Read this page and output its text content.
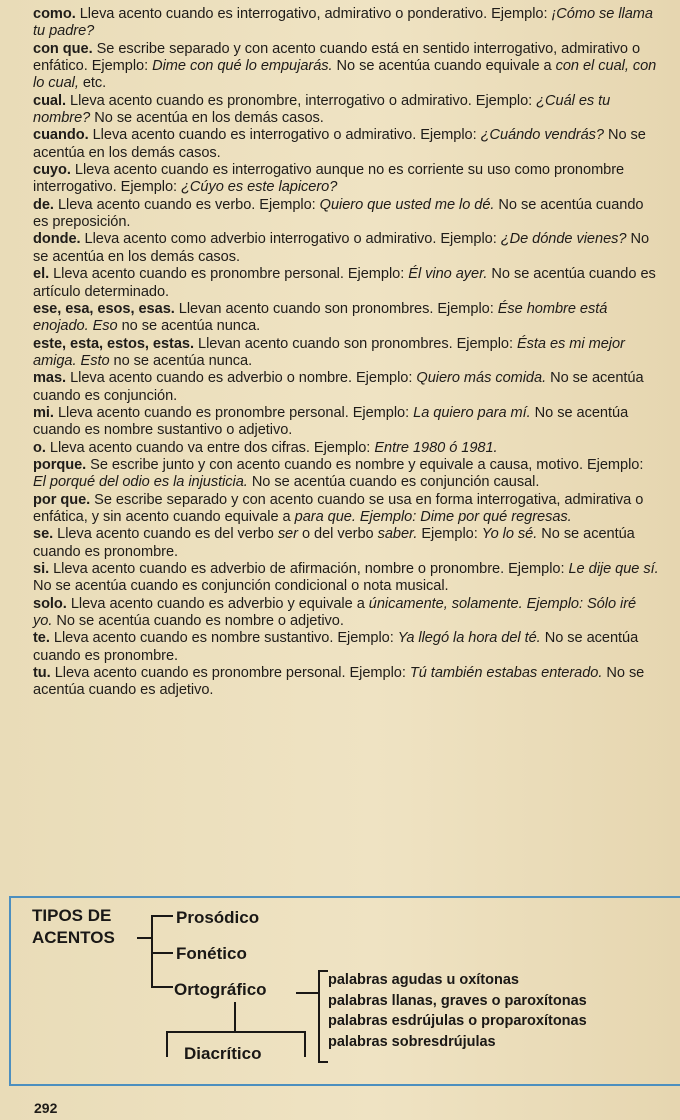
como. Lleva acento cuando es interrogativo, admirativo o ponderativo. Ejemplo: ¡Cómo se llama tu padre?

con que. Se escribe separado y con acento cuando está en sentido interrogativo, admirativo o enfático. Ejemplo: Dime con qué lo empujarás. No se acentúa cuando equivale a con el cual, con lo cual, etc.

cual. Lleva acento cuando es pronombre, interrogativo o admirativo. Ejemplo: ¿Cuál es tu nombre? No se acentúa en los demás casos.

cuando. Lleva acento cuando es interrogativo o admirativo. Ejemplo: ¿Cuándo vendrás? No se acentúa en los demás casos.

cuyo. Lleva acento cuando es interrogativo aunque no es corriente su uso como pronombre interrogativo. Ejemplo: ¿Cúyo es este lapicero?

de. Lleva acento cuando es verbo. Ejemplo: Quiero que usted me lo dé. No se acentúa cuando es preposición.

donde. Lleva acento como adverbio interrogativo o admirativo. Ejemplo: ¿De dónde vienes? No se acentúa en los demás casos.

el. Lleva acento cuando es pronombre personal. Ejemplo: Él vino ayer. No se acentúa cuando es artículo determinado.

ese, esa, esos, esas. Llevan acento cuando son pronombres. Ejemplo: Ése hombre está enojado. Eso no se acentúa nunca.

este, esta, estos, estas. Llevan acento cuando son pronombres. Ejemplo: Ésta es mi mejor amiga. Esto no se acentúa nunca.

mas. Lleva acento cuando es adverbio o nombre. Ejemplo: Quiero más comida. No se acentúa cuando es conjunción.

mi. Lleva acento cuando es pronombre personal. Ejemplo: La quiero para mí. No se acentúa cuando es nombre sustantivo o adjetivo.

o. Lleva acento cuando va entre dos cifras. Ejemplo: Entre 1980 ó 1981.

porque. Se escribe junto y con acento cuando es nombre y equivale a causa, motivo. Ejemplo: El porqué del odio es la injusticia. No se acentúa cuando es conjunción causal.

por que. Se escribe separado y con acento cuando se usa en forma interrogativa, admirativa o enfática, y sin acento cuando equivale a para que. Ejemplo: Dime por qué regresas.

se. Lleva acento cuando es del verbo ser o del verbo saber. Ejemplo: Yo lo sé. No se acentúa cuando es pronombre.

si. Lleva acento cuando es adverbio de afirmación, nombre o pronombre. Ejemplo: Le dije que sí. No se acentúa cuando es conjunción condicional o nota musical.

solo. Lleva acento cuando es adverbio y equivale a únicamente, solamente. Ejemplo: Sólo iré yo. No se acentúa cuando es nombre o adjetivo.

te. Lleva acento cuando es nombre sustantivo. Ejemplo: Ya llegó la hora del té. No se acentúa cuando es pronombre.

tu. Lleva acento cuando es pronombre personal. Ejemplo: Tú también estabas enterado. No se acentúa cuando es adjetivo.

TIPOS DE
ACENTOS
Prosódico
Fonético
Ortográfico
Diacrítico
palabras agudas u oxítonas
palabras llanas, graves o paroxítonas
palabras esdrújulas o proparoxítonas
palabras sobresdrújulas
292
